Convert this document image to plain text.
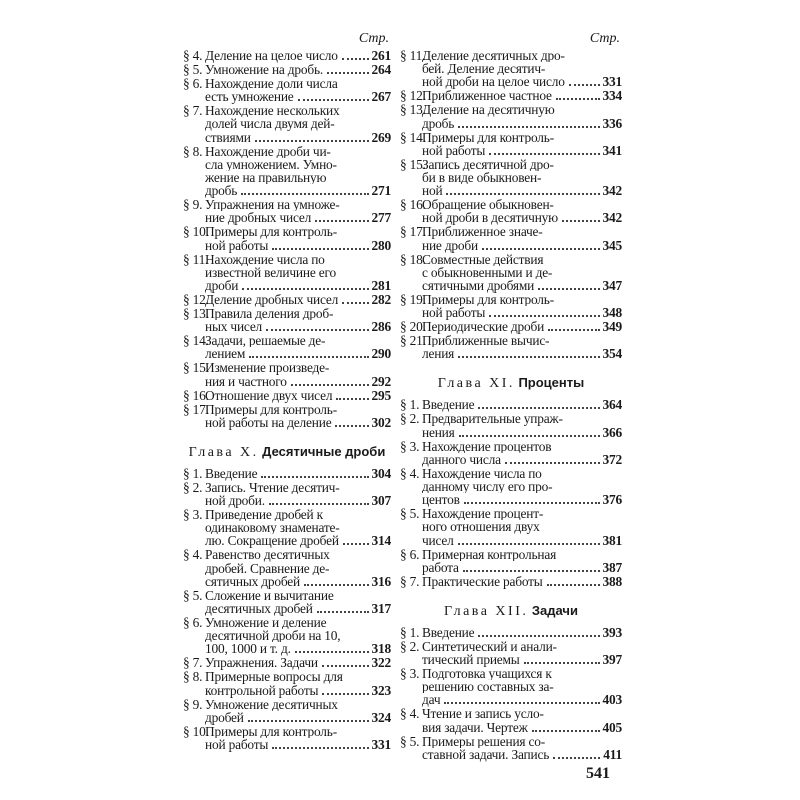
Стр.
§ 4. Деление на целое число	261
§ 5. Умножение на дробь.	264
§ 6. Нахождение доли числа
есть умножение	267
§ 7. Нахождение нескольких
долей числа двумя дей-
ствиями	269
§ 8. Нахождение дроби чи-
сла умножением. Умно-
жение на правильную
дробь	271
§ 9. Упражнения на умноже-
ние дробных чисел	277
§ 10.
Примеры для контроль-
ной работы	280
§ 11.
Нахождение числа по
известной величине его
дроби	281
§ 12.
Деление дробных чисел 282
§ 13.
Правила деления дроб-
ных чисел	286
§ 14.
Задачи, решаемые де-
лением	290
§ 15.
Изменение произведе-
ния и частного	292
§ 16.
Отношение двух чисел	295
§ 17.
Примеры для контроль-
ной работы на деление	302
Глава X. Десятичные дроби
§ 1. Введение	304
§ 2. Запись. Чтение десятич-
ной дроби.	307
§ 3. Приведение дробей к
одинаковому знаменате-
лю. Сокращение дробей 314
§ 4. Равенство десятичных
дробей. Сравнение де-
сятичных дробей	316
§ 5. Сложение и вычитание
десятичных дробей	317
§ 6. Умножение и деление
десятичной дроби на 10,
100, 1000 и т. д.	318
§ 7. Упражнения. Задачи	322
§ 8. Примерные вопросы для
контрольной работы	323
§ 9. Умножение десятичных
дробей	324
§ 10.
Примеры для контроль-
ной работы	331
Стр.
§ 11.
Деление десятичных дро-
бей. Деление десятич-
ной дроби на целое число	331
§ 12.
Приближенное частное	334
§ 13.
Деление на десятичную
дробь	336
§ 14.
Примеры для контроль-
ной работы	341
§ 15.
Запись десятичной дро-
би в виде обыкновен-
ной	342
§ 16.
Обращение обыкновен-
ной дроби в десятичную	342
§ 17.
Приближенное значе-
ние дроби	345
§ 18.
Совместные действия
с обыкновенными и де-
сятичными дробями	347
§ 19.
Примеры для контроль-
ной работы	348
§ 20.
Периодические дроби	349
§ 21.
Приближенные вычис-
ления	354
Глава XI. Проценты
§ 1. Введение	364
§ 2. Предварительные упраж-
нения	366
§ 3. Нахождение процентов
данного числа	372
§ 4. Нахождение числа по
данному числу его про-
центов	376
§ 5. Нахождение процент-
ного отношения двух
чисел	381
§ 6. Примерная контрольная
работа	387
§ 7. Практические работы	388
Глава XII. Задачи
§ 1. Введение	393
§ 2. Синтетический и анали-
тический приемы	397
§ 3. Подготовка учащихся к
решению составных за-
дач	403
§ 4. Чтение и запись усло-
вия задачи. Чертеж	405
§ 5. Примеры решения со-
ставной задачи. Запись	411
541
